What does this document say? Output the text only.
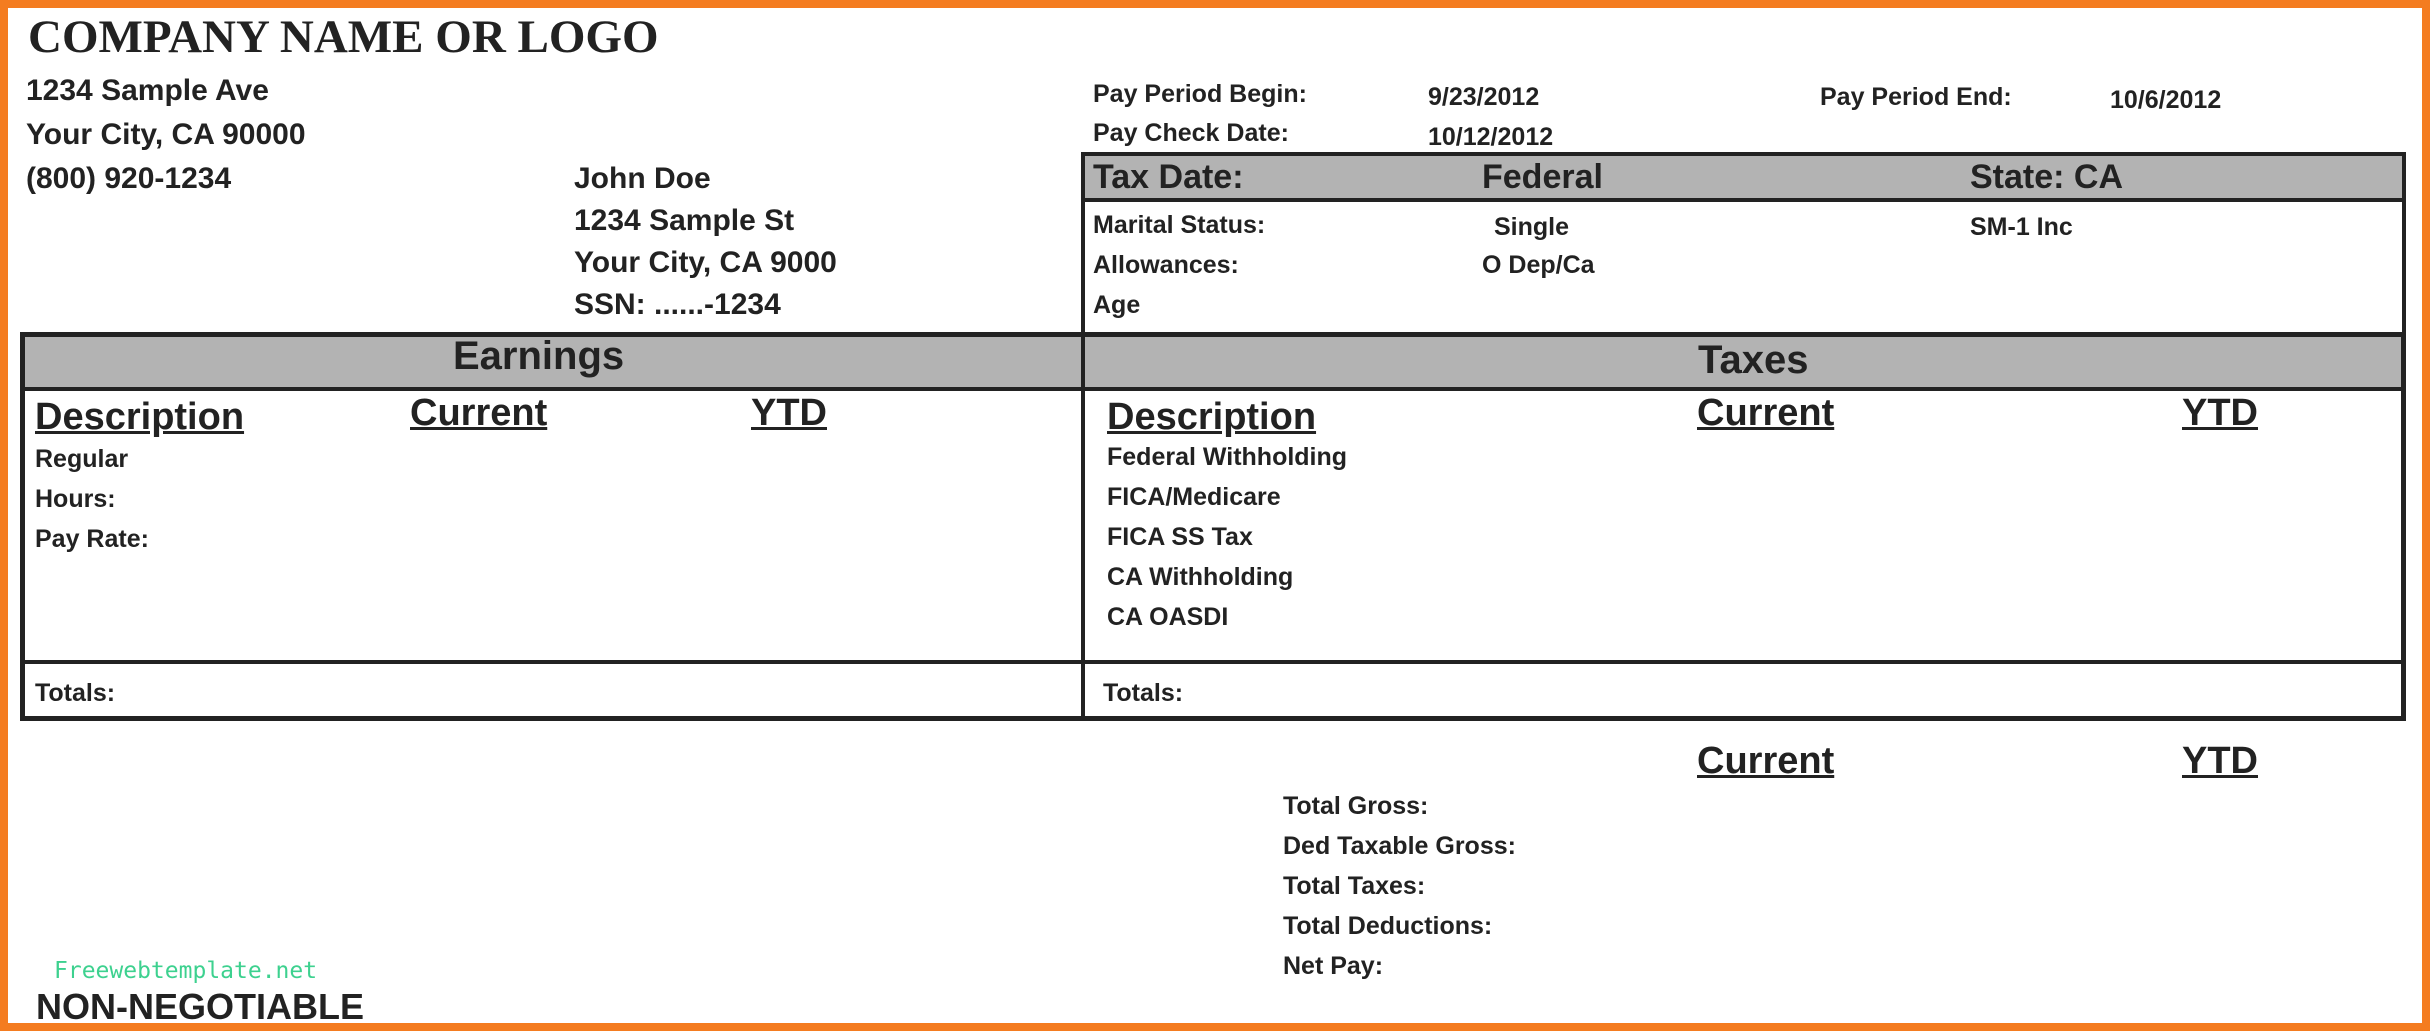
COMPANY NAME OR LOGO
1234 Sample Ave
Your City, CA 90000
(800) 920-1234	John Doe
1234 Sample St
Your City, CA 9000
SSN: ......-1234
Pay Period Begin:	9/23/2012	Pay Period End:	10/6/2012
Pay Check Date:	10/12/2012
Tax Date:	Federal	State: CA
Marital Status:	Single	SM-1 Inc
Allowances:	O Dep/Ca
Age
Earnings	Taxes
Description	Current	YTD
Regular
Hours:
Pay Rate:
Totals:
Description	Current	YTD
Federal Withholding
FICA/Medicare
FICA SS Tax
CA Withholding
CA OASDI
Totals:
Current	YTD
Total Gross:
Ded Taxable Gross:
Total Taxes:
Total Deductions:
Net Pay:
Freewebtemplate.net
NON-NEGOTIABLE
